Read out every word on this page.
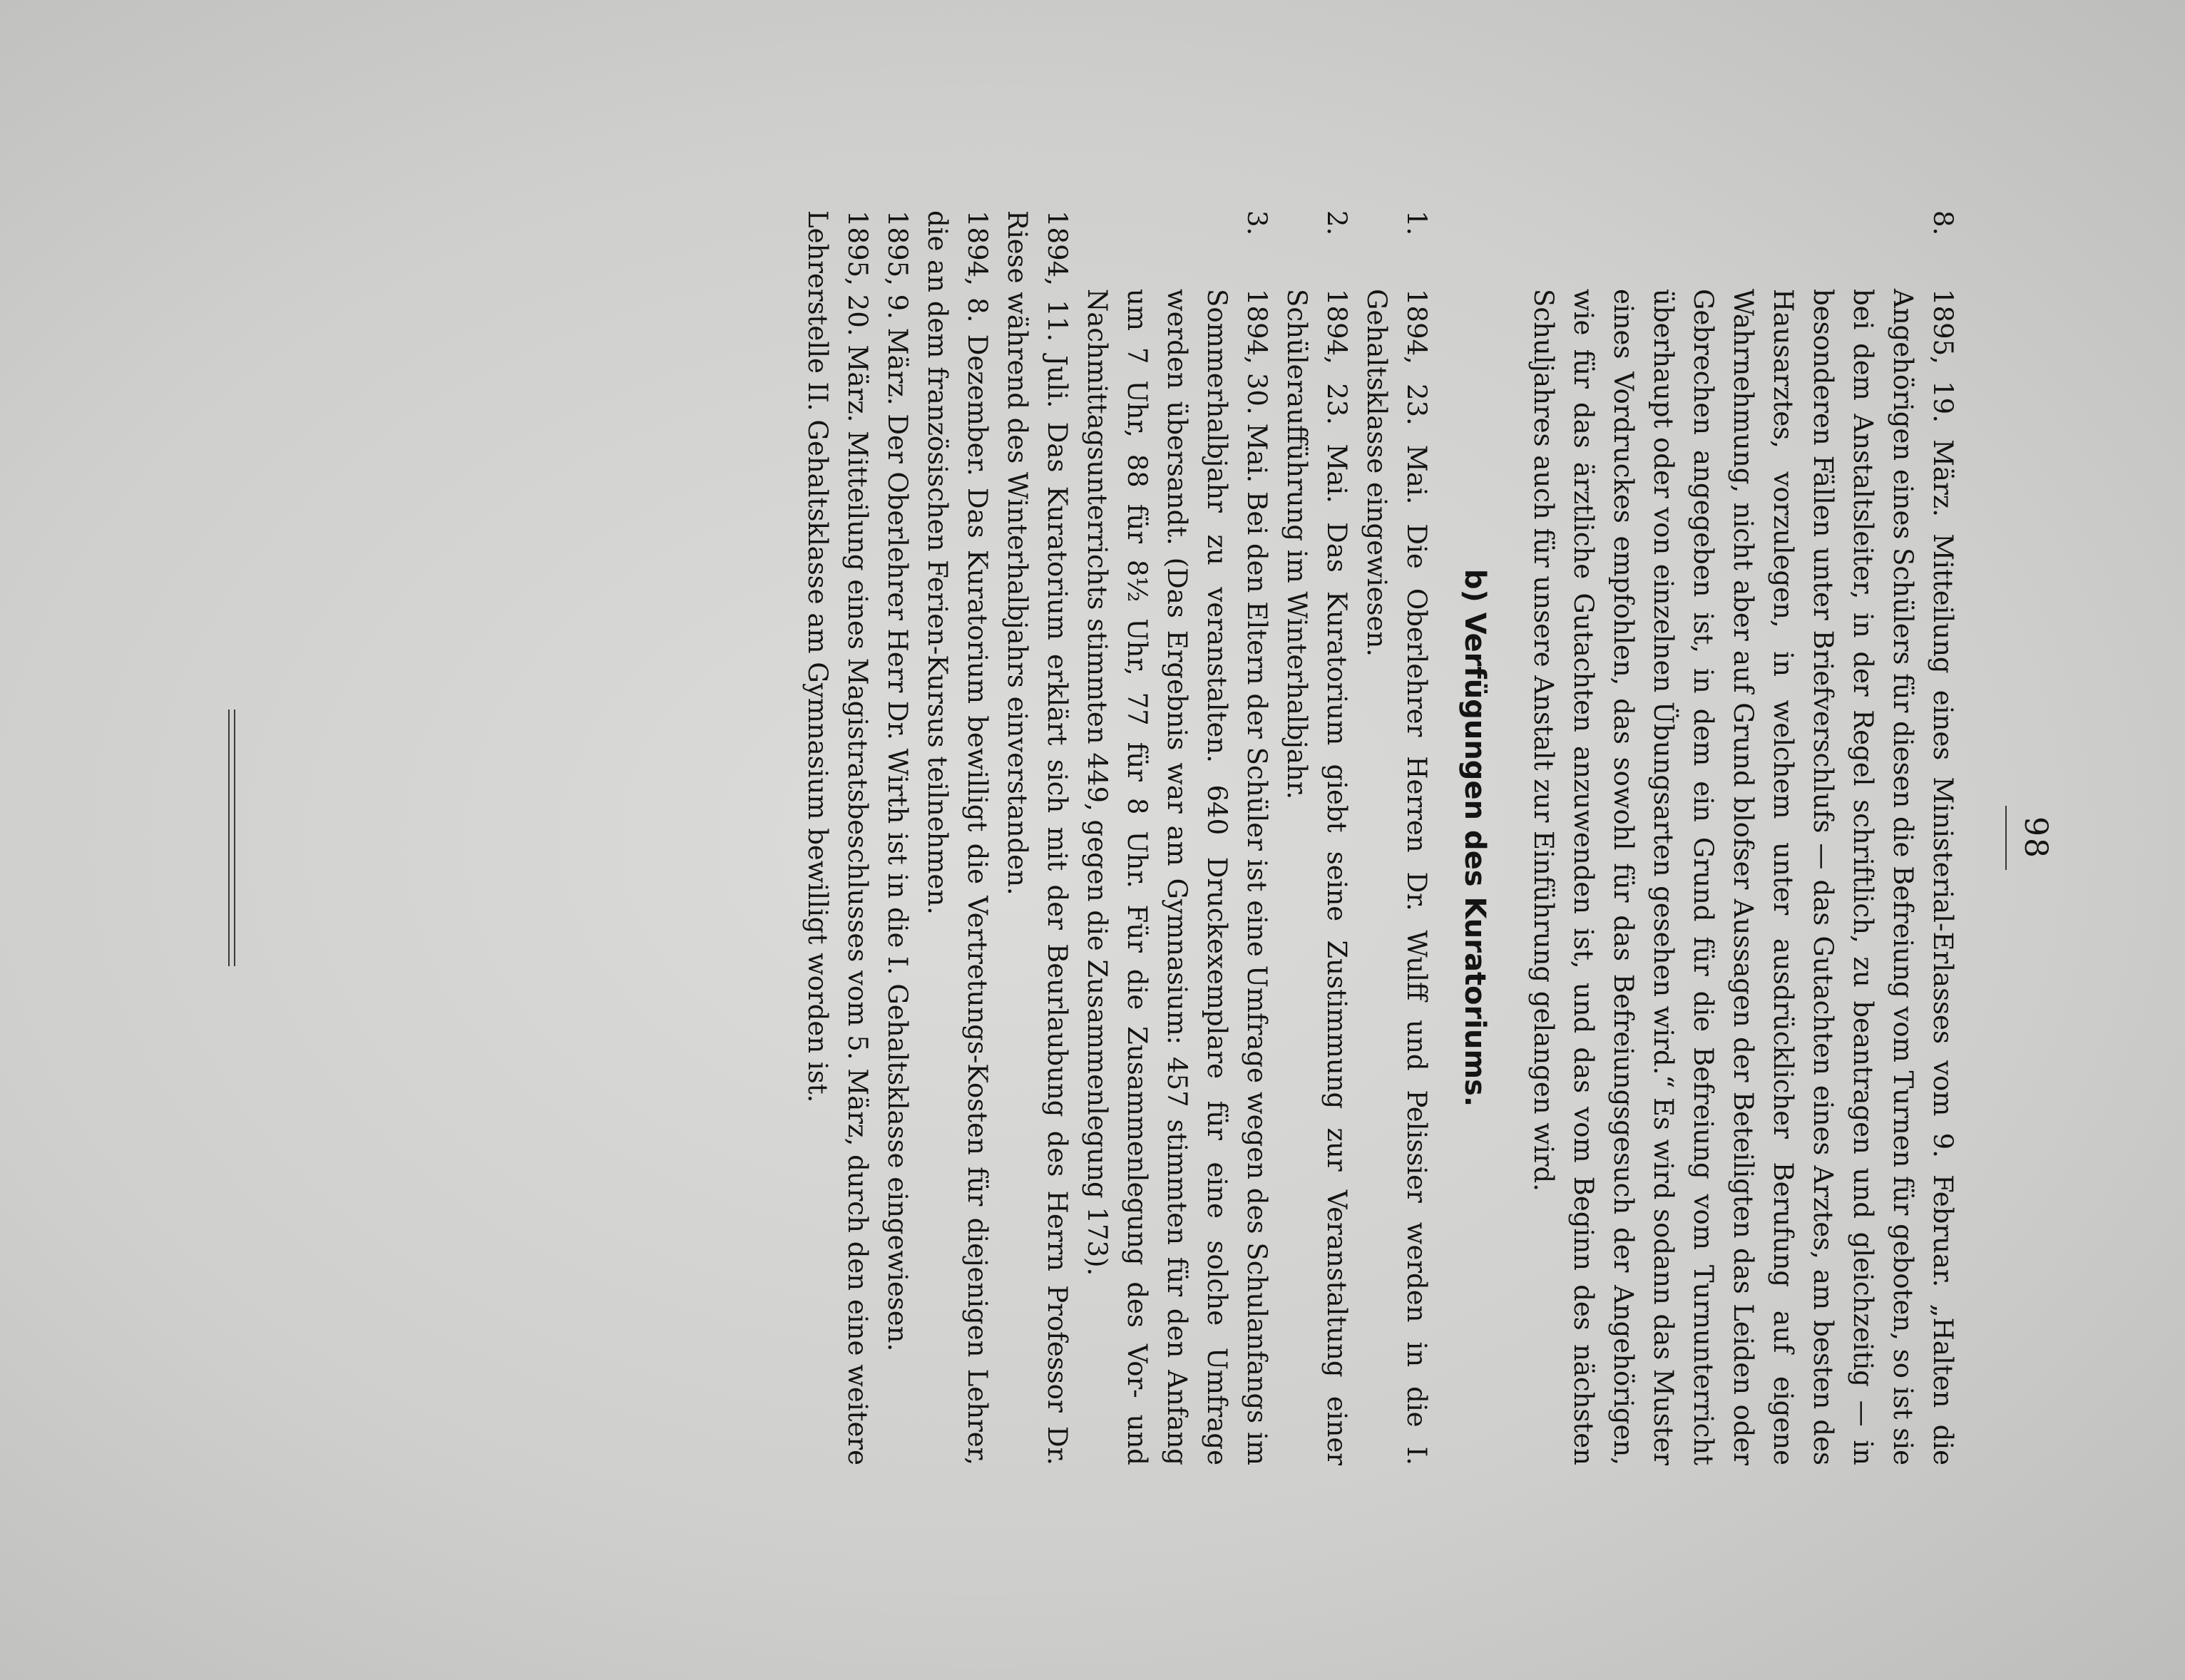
98
8.

1895, 19. März. Mitteilung eines Ministerial-Erlasses vom 9. Februar. „Halten die Angehörigen eines Schülers für diesen die Befreiung vom Turnen für geboten, so ist sie bei dem Anstaltsleiter, in der Regel schriftlich, zu beantragen und gleichzeitig — in besonderen Fällen unter Briefverschlufs — das Gutachten eines Arztes, am besten des Hausarztes, vorzulegen, in welchem unter ausdrücklicher Berufung auf eigene Wahrnehmung, nicht aber auf Grund blofser Aussagen der Beteiligten das Leiden oder Gebrechen angegeben ist, in dem ein Grund für die Befreiung vom Turnunterricht überhaupt oder von einzelnen Übungsarten gesehen wird.“ Es wird sodann das Muster eines Vordruckes empfohlen, das sowohl für das Befreiungsgesuch der Angehörigen, wie für das ärztliche Gutachten anzuwenden ist, und das vom Beginn des nächsten Schuljahres auch für unsere Anstalt zur Einführung gelangen wird.

b) Verfügungen des Kuratoriums.
1.

1894, 23. Mai. Die Oberlehrer Herren Dr. Wulff und Pelissier werden in die I. Gehaltsklasse eingewiesen.

2.

1894, 23. Mai. Das Kuratorium giebt seine Zustimmung zur Veranstaltung einer Schüleraufführung im Winterhalbjahr.

3.

1894, 30. Mai. Bei den Eltern der Schüler ist eine Umfrage wegen des Schulanfangs im Sommerhalbjahr zu veranstalten. 640 Druckexemplare für eine solche Umfrage werden übersandt. (Das Ergebnis war am Gymnasium: 457 stimmten für den Anfang um 7 Uhr, 88 für 8½ Uhr, 77 für 8 Uhr. Für die Zusammenlegung des Vor- und Nachmittagsunterrichts stimmten 449, gegen die Zusammenlegung 173).

1894, 11. Juli. Das Kuratorium erklärt sich mit der Beurlaubung des Herrn Professor Dr. Riese während des Winterhalbjahrs einverstanden.

1894, 8. Dezember. Das Kuratorium bewilligt die Vertretungs-Kosten für diejenigen Lehrer, die an dem französischen Ferien-Kursus teilnehmen.

1895, 9. März. Der Oberlehrer Herr Dr. Wirth ist in die I. Gehaltsklasse eingewiesen.

1895, 20. März. Mitteilung eines Magistratsbeschlusses vom 5. März, durch den eine weitere Lehrerstelle II. Gehaltsklasse am Gymnasium bewilligt worden ist.
